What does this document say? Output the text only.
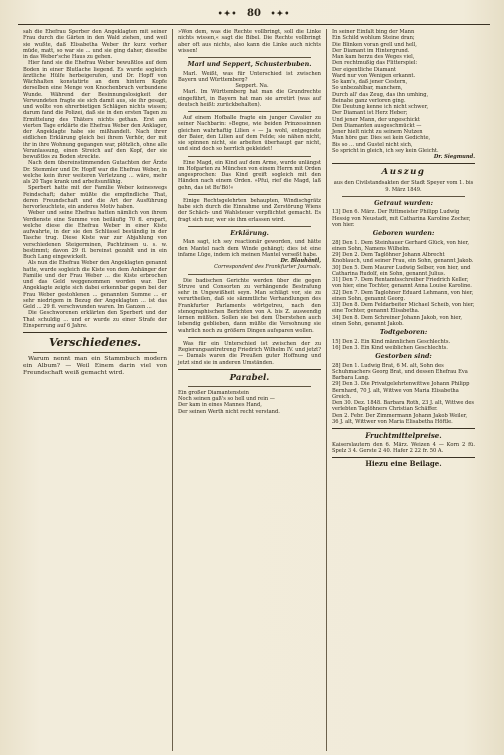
•✦• 80 •✦•

sah die Ehefrau Sperber den Angeklagten mit seiner Frau durch die Gärten in den Wald ziehen, und weil sie wußte, daß Elisabetha Weber ihr kurz vorher müde, matt, so war sie ... und sie ging daher, dieselbe in das Weber'sche Haus zu gehen.

Hier fand sie die Ehefrau Weber bewußtlos auf dem Boden in einer Blutlache liegend. Es wurde sogleich ärztliche Hülfe herbeigerufen, und Dr. Hopff von Wächhalten konstatirte an dem hintern Kopfe derselben eine Menge von Knochenbruch verbundene Wunde. Während der Besinnungslosigkeit der Verwundeten fragte sie sich damit aus, sie ihr gesagt, und wollte von ehrerbietigen Schlägen nichts wissen; darum fand die Polizei, daß sie in den ersten Tagen zu Ermittelung des Thäters nichts gethan. Erst am vierten Tage erklärte die Ehefrau Weber den Anklager, der Angeklagte habe sie mißhandelt. Nach ihrer eidlichen Erklärung gleich bei ihrem Verhör, der mit ihr in ihre Wohnung gegangen war, plötzlich, ohne alle Veranlassung, einen Streich auf den Kopf, der sie bewußtlos zu Boden streckte.

Nach dem übereinstimmenden Gutachten der Ärzte Dr. Stemmler und Dr. Hopff war die Ehefrau Weber, in welche kein ihrer weiteren Verletzung ... wäre, mehr als 20 Tage krank und arbeitsunfähig.

Sperbert hatte mit der Familie Weber keineswegs Feindschaft; daher müßte die empfindliche That, deren Freundschaft und die Art der Ausführung hervorleuchtete, ein anderes Motiv haben.

Weber und seine Ehefrau hatten nämlich von ihrem Verdienste eine Summe von beiläufig 70 fl. erspart, welche diese die Ehefrau Weber in einer Kiste aufwahrte, in der sie den Schlüssel beständig in der Tasche trug. Diese Kiste war zur Abjahlung von verschiedenen Steigerminen, Pachtzinsen u. s. w. bestimmt; davon 29 fl. bereinst gezahlt und in ein Buch Lang eingewickelt.

Als nun die Ehefrau Weber den Angeklagten genannt hatte, wurde sogleich die Kiste von dem Anhänger der Familie und der Frau Weber ... die Kiste erbrochen und das Geld weggenommen worden war. Der Angeklagte zeigte sich dabei erkennbar gegen bei der Frau Weber gestohlenen ... genannten Summe ... er sehr niedrigem in Bezug der Angeklagten ... ist das Geld ... 29 fl. verschwunden waren. Im Ganzen ...

Die Geschworenen erklärten den Sperbert und der That schuldig ... und er wurde zu einer Strafe der Einsperrung auf 6 Jahre.

Verschiedenes.

Warum nennt man ein Stammbuch modern ein Album? — Weil Einem darin viel von Freundschaft weiß gemacht wird.

»Won dem, was die Rechte vollbringt, soll die Linke nichts wissen,« sagt die Bibel. Die Rechte vollbringt aber oft aus nichts, also kann die Linke auch nichts wissen!

Marl und Seppert, Schusterbuben.

Marl. Weißt, was für Unterschied ist zwischen Bayern und Württemberg?

Seppert. Na.

Marl. Im Württemberg hat man die Grundrechte eingeführt, in Bayern hat man sie arretirt (was auf deutsch heißt: zurückbehalten).

Auf einem Hofballe fragte ein junger Cavalier zu seiner Nachbarin: »Begne, wie beiden Prinzessinnen gleichen wahrhaftig Lilien « — Ja wohl, entgegnete der Baier, den Lilien auf dem Felde; sie nähen nicht, sie spinnen nicht, sie arbeiten überhaupt gar nicht, und sind doch so herrlich gekleidet!

Eine Magd, ein Kind auf dem Arme, wurde unlängst im Hofgarten zu München von einem Herrn mit Orden angesprochen: Das Kind greift sogleich mit den Händen nach einem Orden. »Pfui, rief die Magd, laß gehn, das ist Bu'Bö!«

Einige Rechtsgelehrten behaupten, Windischgrätz habe sich durch die Einnahme und Zerstörung Wiens der Schäch- und Wahlsteuer verpflichtet gemacht. Es fragt sich nur, wer sie ihm erlassen wird.

Erklärung.

Man sagt, ich sey reactionär geworden, und hätte den Mantel nach dem Winde gehängt; dies ist eine infame Lüge, indem ich meinen Mantel verseßt habe.

Dr. Blauhäntl,

Correspondent des Frankfurter Journals.

Die badischen Gerichte werden über die gegen Struve und Consorten zu verhängende Bestrafung sehr in Ungewißheit seyn. Man schlägt vor, sie zu verurtheilen, daß sie sämmtliche Verhandlungen des Frankfurter Parlaments wörtgetreu, nach den stenographischen Berichten von A. bis Z. auswendig lernen müßten. Sollen sie bei dem Überstehen auch lebendig geblieben, dann müßte die Versohnung sie wahrlich noch zu größern Dingen aufsparen wollen.

Was für ein Unterschied ist zwischen der zu Regierungsantretreng Friedrich Wilhelm IV. und jetzt? — Damals waren die Preußen guter Hoffnung und jetzt sind sie in anderen Umständen.

Parabel.

Ein großer Diamantenstein

Noch seinen gaß's so hell und rein —

Der kam in eines Mannes Hand,

Der seinen Werth nicht recht verstand.

In seiner Einfalt bing der Mann

Ein Schild wohlum Steine dran;

Die Blinken voran grell und hell,

Der Diamant im Hintergrund.

Man kam herzu des Weges viel,

Den rechtmußig das Flitterspiel:

Der eigentliche Diamant

Ward nur von Wenigen erkannt.

So kam's, daß jener Cestern,

So unbezahlbar, manchem,

Durch all' das Zeug, das ihn umhing,

Beinahe ganz verloren ging.

Die Deutung kenne ich nicht schwer,

Der Diamant ist Herz Heber;

Und jener Mann, der ungeschickt

Den Diamanten ausgeschmückt —

Jener hielt nicht zu seinem Nutzen

Man höre gar. Dies sei kein Gedichte,

Bis so ... und Gustel nicht sich,

So spricht in gleich, ich sey kein Gleicht.

Dr. Siegmund.

Auszug

aus den Civilstandsakten der Stadt Speyer vom 1. bis 9. März 1849.

Getraut wurden:

13] Den 6. März. Der Rittmeister Philipp Ludwig Hessig von Neustadt, mit Catharina Karoline Zocher, von hier.

Geboren wurden:

28] Den 1. Dem Steinhauer Gerhard Glück, von hier, einen Sohn, Namens Wilhelm.

29] Den 2. Dem Taglöhner Johann Albrecht Knoblauch, und seiner Frau, ein Sohn, genannt Jakob.

30] Den 5. Dem Maurer Ludwig Selber, von hier, und Catharina Rudolf, ein Sohn, genannt Julius.

31] Den 7. Dem Rentamtsschreiber Friedrich Keller, von hier, eine Tochter, genannt Anna Louise Karoline.

32] Den 7. Dem Taglohner Eduard Lehmann, von hier, einen Sohn, genannt Georg.

33] Den 8. Dem Feldarbeiter Michael Scheib, von hier, eine Tochter, genannt Elisabetha.

34] Den 8. Dem Schreiner Johann Jakob, von hier, einen Sohn, genannt Jakob.

Todtgeboren:

15] Den 2. Ein Kind männlichen Geschlechts.

16] Den 3. Ein Kind weiblichen Geschlechts.

Gestorben sind:

28] Den 1. Ludwig Brat, 6 M. alt, Sohn des Schuhmachers Georg Brat, und dessen Ehefrau Eva Barbara Lang.

29] Den 3. Die Privatgelehrtenwittwe Johann Philipp Bernhard, 70 J. alt, Wittwe von Maria Elisabetha Greich.

Den 30. Dez. 1848. Barbara Roth, 23 J. alt, Wittwe des verlebten Taglöhners Christian Schäffer.

Den 2. Febr. Der Zimmermann Johann Jakob Weiler, 36 J. alt, Wittwer von Maria Elisabetha Höftle.

Fruchtmittelpreise.

Kaiserslautern den 6. März. Weizen 4 — Korn 2 fü. Spelz 3 4. Gerste 2 40. Hafer 2 22 fr. 50 A.

Hiezu eine Beilage.
